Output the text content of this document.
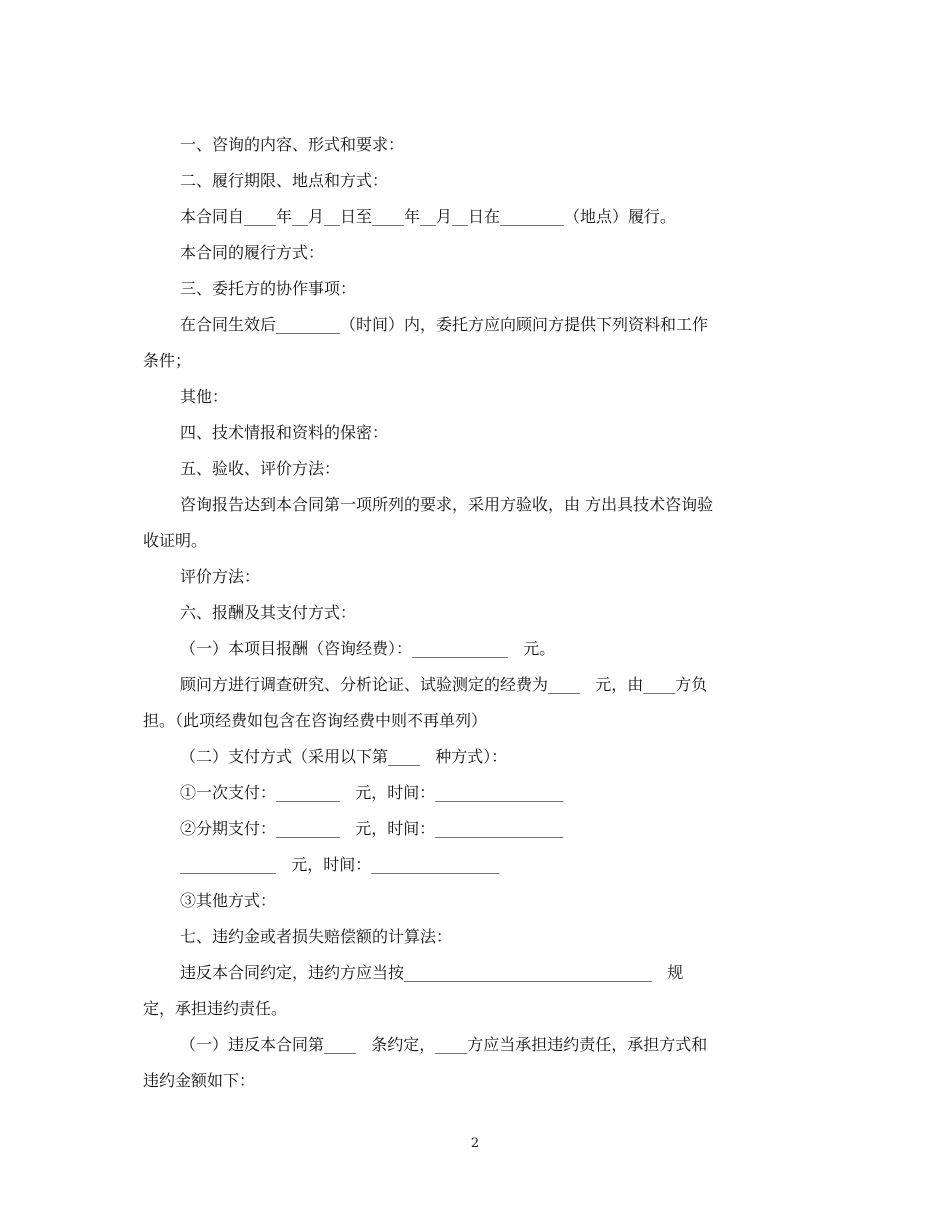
一、咨询的内容、形式和要求：

二、履行期限、地点和方式：

本合同自____年__月__日至____年__月__日在________（地点）履行。

本合同的履行方式：

三、委托方的协作事项：

在合同生效后________（时间）内，委托方应向顾问方提供下列资料和工作

条件；

其他：

四、技术情报和资料的保密：

五、验收、评价方法：

咨询报告达到本合同第一项所列的要求，采用方验收，由 方出具技术咨询验

收证明。

评价方法：

六、报酬及其支付方式：

（一）本项目报酬（咨询经费）：____________   元。

顾问方进行调查研究、分析论证、试验测定的经费为____   元，由____方负

担。（此项经费如包含在咨询经费中则不再单列）

（二）支付方式（采用以下第____   种方式）：

①一次支付：________   元，时间：________________

②分期支付：________   元，时间：________________

____________   元，时间：________________

③其他方式：

七、违约金或者损失赔偿额的计算法：

违反本合同约定，违约方应当按_______________________________   规

定，承担违约责任。

（一）违反本合同第____   条约定，____方应当承担违约责任，承担方式和

违约金额如下：

2
